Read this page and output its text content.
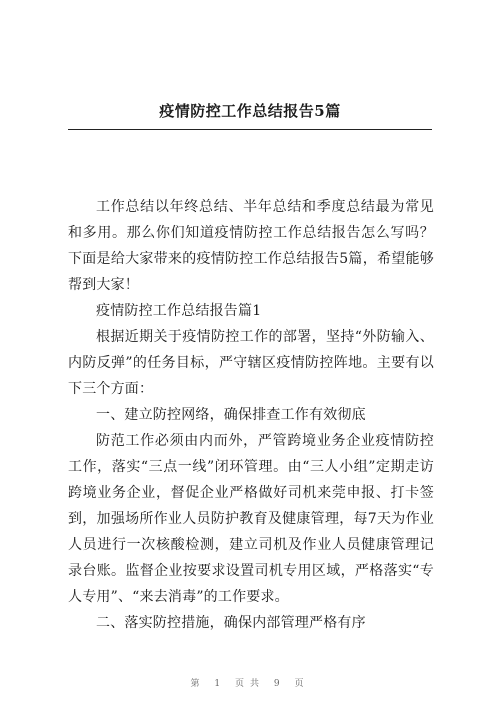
疫情防控工作总结报告5篇

工作总结以年终总结、半年总结和季度总结最为常见和多用。那么你们知道疫情防控工作总结报告怎么写吗？下面是给大家带来的疫情防控工作总结报告5篇，希望能够帮到大家！

疫情防控工作总结报告篇1

根据近期关于疫情防控工作的部署，坚持“外防输入、内防反弹”的任务目标，严守辖区疫情防控阵地。主要有以下三个方面：

一、建立防控网络，确保排查工作有效彻底

防范工作必须由内而外，严管跨境业务企业疫情防控工作，落实“三点一线”闭环管理。由“三人小组”定期走访跨境业务企业，督促企业严格做好司机来莞申报、打卡签到，加强场所作业人员防护教育及健康管理，每7天为作业人员进行一次核酸检测，建立司机及作业人员健康管理记录台账。监督企业按要求设置司机专用区域，严格落实“专人专用”、“来去消毒”的工作要求。

二、落实防控措施，确保内部管理严格有序

第 1 页共 9 页
